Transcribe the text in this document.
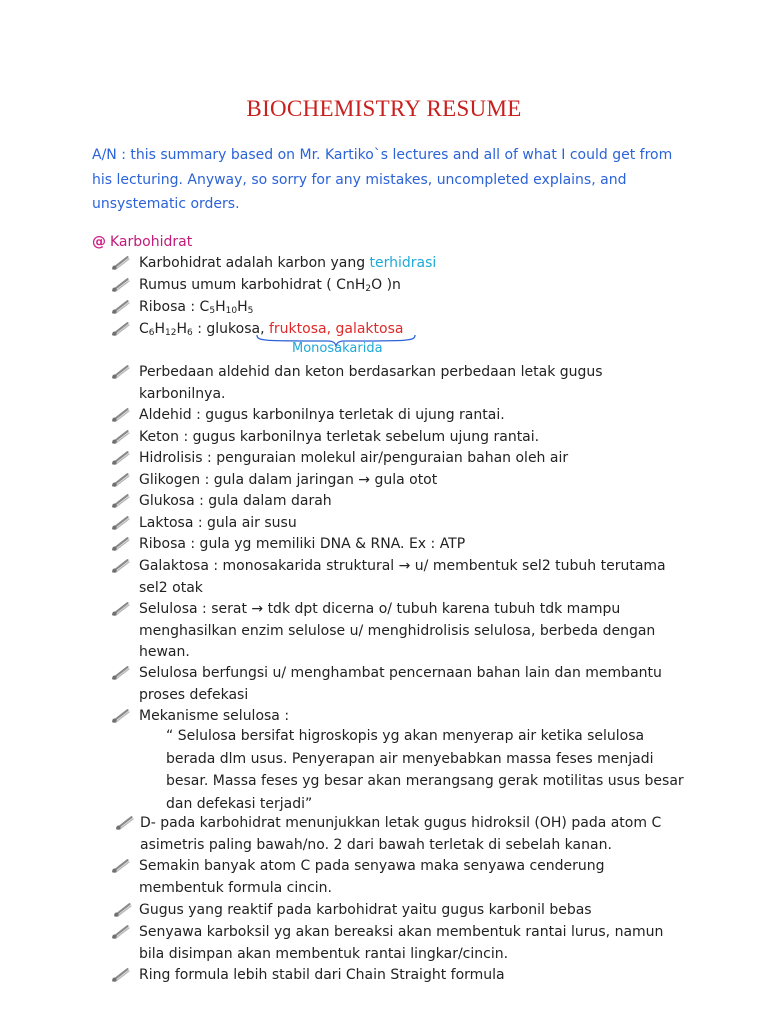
BIOCHEMISTRY RESUME
A/N : this summary based on Mr. Kartiko`s lectures and all of what I could get from his lecturing. Anyway, so sorry for any mistakes, uncompleted explains, and unsystematic orders.
@ Karbohidrat
Karbohidrat adalah karbon yang terhidrasi
Rumus umum karbohidrat ( CnH$_2$O )n
Ribosa : $C_5H_{10}H_5$
$C_6H_{12}H_6$ : glukosa, fruktosa, galaktosa
Monosakarida
Perbedaan aldehid dan keton berdasarkan perbedaan letak gugus karbonilnya.
Aldehid : gugus karbonilnya terletak di ujung rantai.
Keton : gugus karbonilnya terletak sebelum ujung rantai.
Hidrolisis : penguraian molekul air/penguraian bahan oleh air
Glikogen : gula dalam jaringan → gula otot
Glukosa : gula dalam darah
Laktosa : gula air susu
Ribosa : gula yg memiliki DNA & RNA. Ex : ATP
Galaktosa : monosakarida struktural → u/ membentuk sel2 tubuh terutama sel2 otak
Selulosa : serat → tdk dpt dicerna o/ tubuh karena tubuh tdk mampu menghasilkan enzim selulose u/ menghidrolisis selulosa, berbeda dengan hewan.
Selulosa berfungsi u/ menghambat pencernaan bahan lain dan membantu proses defekasi
Mekanisme selulosa :
“ Selulosa bersifat higroskopis yg akan menyerap air ketika selulosa berada dlm usus. Penyerapan air menyebabkan massa feses menjadi besar. Massa feses yg besar akan merangsang gerak motilitas usus besar dan defekasi terjadi”
D- pada karbohidrat menunjukkan letak gugus hidroksil (OH) pada atom C asimetris paling bawah/no. 2 dari bawah terletak di sebelah kanan.
Semakin banyak atom C pada senyawa maka senyawa cenderung membentuk formula cincin.
Gugus yang reaktif pada karbohidrat yaitu gugus karbonil bebas
Senyawa karboksil yg akan bereaksi akan membentuk rantai lurus, namun bila disimpan akan membentuk rantai lingkar/cincin.
Ring formula lebih stabil dari Chain Straight formula
